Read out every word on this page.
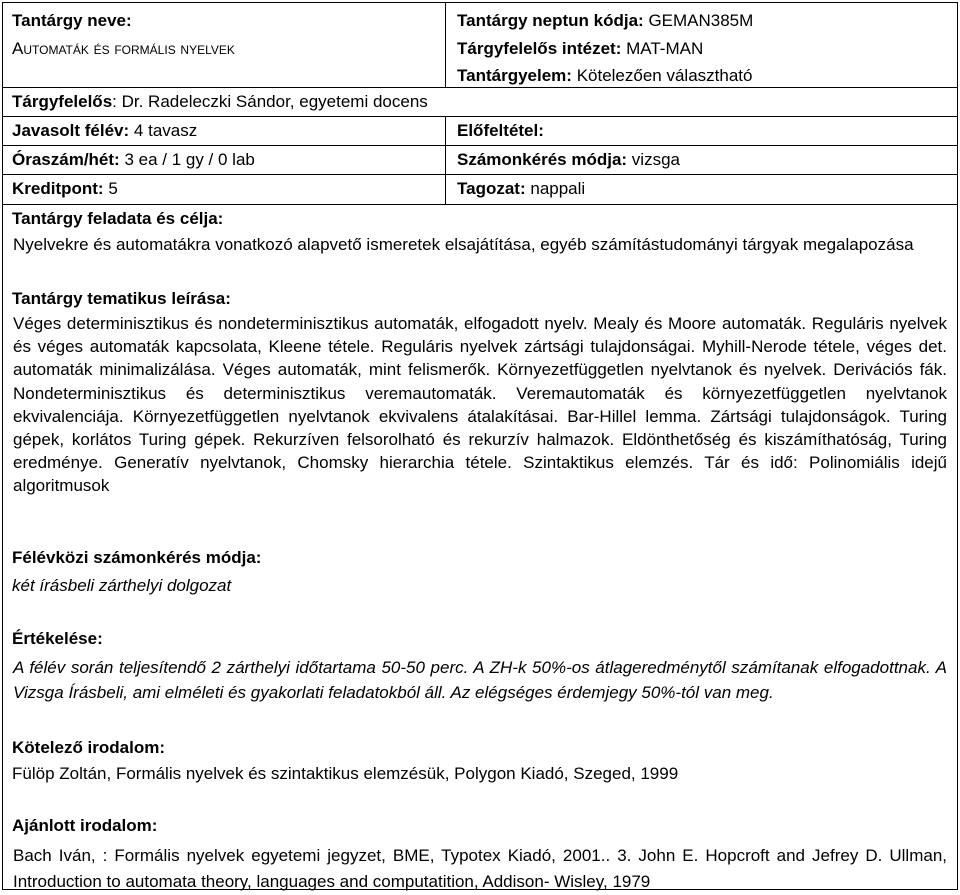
Tantárgy neve:
Automaták és formális nyelvek
Tantárgy neptun kódja: GEMAN385M
Tárgyfelelős intézet: MAT-MAN
Tantárgyelem: Kötelezően választható
Tárgyfelelős: Dr. Radeleczki Sándor, egyetemi docens
Javasolt félév: 4 tavasz	Előfeltétel:
Óraszám/hét: 3 ea / 1 gy / 0 lab	Számonkérés módja: vizsga
Kreditpont: 5	Tagozat: nappali
Tantárgy feladata és célja:
Nyelvekre és automatákra vonatkozó alapvető ismeretek elsajátítása, egyéb számítástudományi tárgyak megalapozása
Tantárgy tematikus leírása:
Véges determinisztikus és nondeterminisztikus automaták, elfogadott nyelv. Mealy és Moore automaták. Reguláris nyelvek és véges automaták kapcsolata, Kleene tétele. Reguláris nyelvek zártsági tulajdonságai. Myhill-Nerode tétele, véges det. automaták minimalizálása. Véges automaták, mint felismerők. Környezetfüggetlen nyelvtanok és nyelvek. Derivációs fák. Nondeterminisztikus és determinisztikus veremautomaták. Veremautomaták és környezetfüggetlen nyelvtanok ekvivalenciája. Környezetfüggetlen nyelvtanok ekvivalens átalakításai. Bar-Hillel lemma. Zártsági tulajdonságok. Turing gépek, korlátos Turing gépek. Rekurzíven felsorolható és rekurzív halmazok. Eldönthetőség és kiszámíthatóság, Turing eredménye. Generatív nyelvtanok, Chomsky hierarchia tétele. Szintaktikus elemzés. Tár és idő: Polinomiális idejű algoritmusok
Félévközi számonkérés módja:
két írásbeli zárthelyi dolgozat
Értékelése:
A félév során teljesítendő 2 zárthelyi időtartama 50-50 perc. A ZH-k 50%-os átlageredménytől számítanak elfogadottnak. A Vizsga Írásbeli, ami elméleti és gyakorlati feladatokból áll. Az elégséges érdemjegy 50%-tól van meg.
Kötelező irodalom:
Fülöp Zoltán, Formális nyelvek és szintaktikus elemzésük, Polygon Kiadó, Szeged, 1999
Ajánlott irodalom:
Bach Iván, : Formális nyelvek egyetemi jegyzet, BME, Typotex Kiadó, 2001.. 3. John E. Hopcroft and Jefrey D. Ullman, Introduction to automata theory, languages and computatition, Addison- Wisley, 1979
